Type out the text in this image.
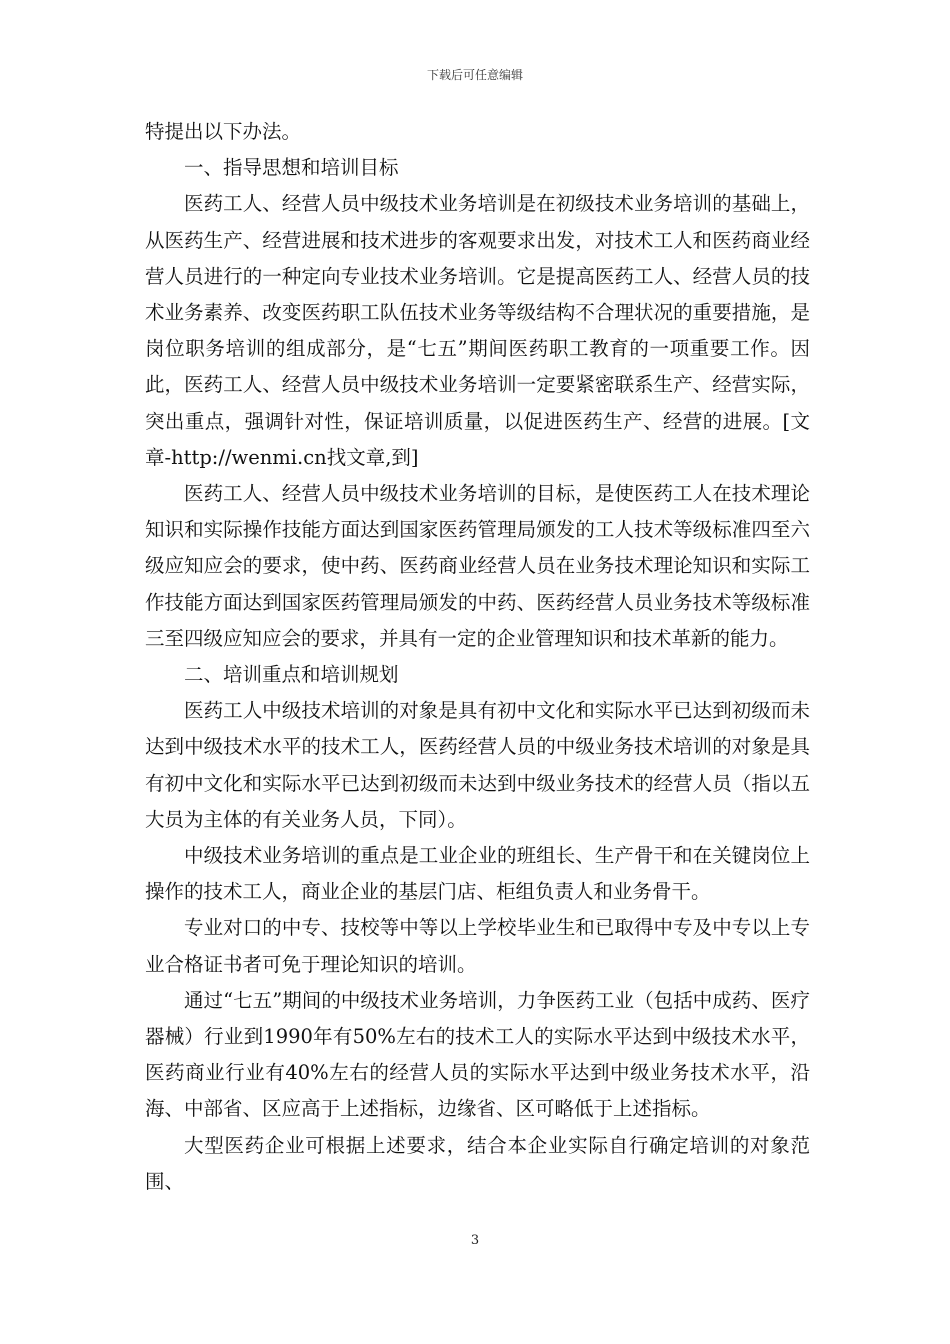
下载后可任意编辑

特提出以下办法。

一、指导思想和培训目标

医药工人、经营人员中级技术业务培训是在初级技术业务培训的基础上，从医药生产、经营进展和技术进步的客观要求出发，对技术工人和医药商业经营人员进行的一种定向专业技术业务培训。它是提高医药工人、经营人员的技术业务素养、改变医药职工队伍技术业务等级结构不合理状况的重要措施，是岗位职务培训的组成部分，是“七五”期间医药职工教育的一项重要工作。因此，医药工人、经营人员中级技术业务培训一定要紧密联系生产、经营实际，突出重点，强调针对性，保证培训质量，以促进医药生产、经营的进展。[文章-http://wenmi.cn找文章,到]

医药工人、经营人员中级技术业务培训的目标，是使医药工人在技术理论知识和实际操作技能方面达到国家医药管理局颁发的工人技术等级标准四至六级应知应会的要求，使中药、医药商业经营人员在业务技术理论知识和实际工作技能方面达到国家医药管理局颁发的中药、医药经营人员业务技术等级标准三至四级应知应会的要求，并具有一定的企业管理知识和技术革新的能力。

二、培训重点和培训规划

医药工人中级技术培训的对象是具有初中文化和实际水平已达到初级而未达到中级技术水平的技术工人，医药经营人员的中级业务技术培训的对象是具有初中文化和实际水平已达到初级而未达到中级业务技术的经营人员（指以五大员为主体的有关业务人员，下同）。

中级技术业务培训的重点是工业企业的班组长、生产骨干和在关键岗位上操作的技术工人，商业企业的基层门店、柜组负责人和业务骨干。

专业对口的中专、技校等中等以上学校毕业生和已取得中专及中专以上专业合格证书者可免于理论知识的培训。

通过“七五”期间的中级技术业务培训，力争医药工业（包括中成药、医疗器械）行业到1990年有50%左右的技术工人的实际水平达到中级技术水平，医药商业行业有40%左右的经营人员的实际水平达到中级业务技术水平，沿海、中部省、区应高于上述指标，边缘省、区可略低于上述指标。

大型医药企业可根据上述要求，结合本企业实际自行确定培训的对象范围、

3
